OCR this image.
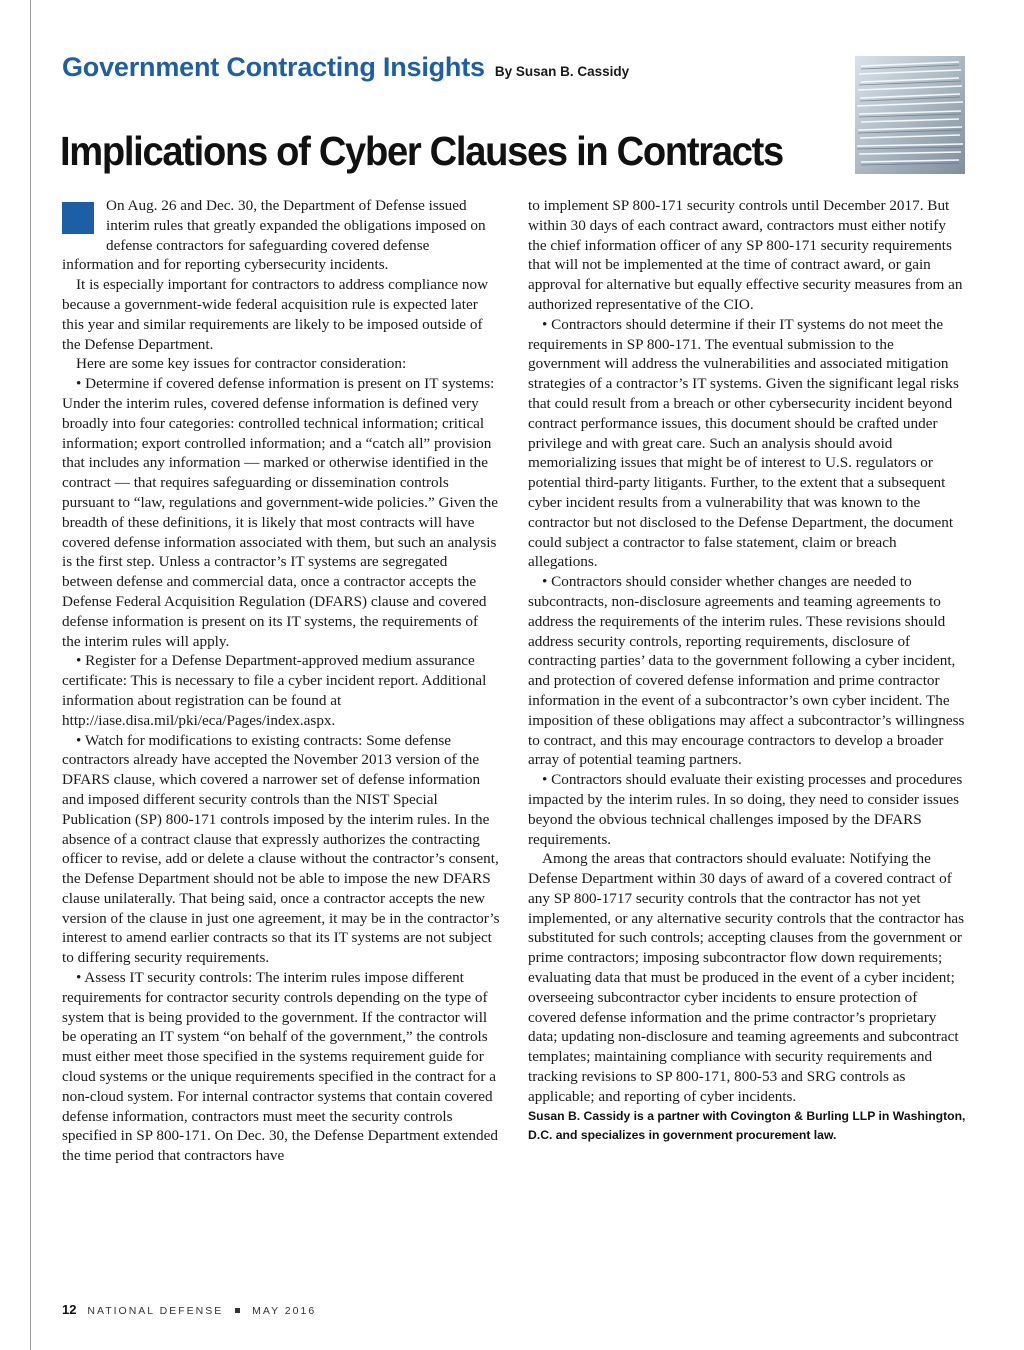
Government Contracting Insights By Susan B. Cassidy
Implications of Cyber Clauses in Contracts

On Aug. 26 and Dec. 30, the Department of Defense issued interim rules that greatly expanded the obligations imposed on defense contractors for safeguarding covered defense information and for reporting cybersecurity incidents.

It is especially important for contractors to address compliance now because a government-wide federal acquisition rule is expected later this year and similar requirements are likely to be imposed outside of the Defense Department.

Here are some key issues for contractor consideration:

• Determine if covered defense information is present on IT systems: Under the interim rules, covered defense information is defined very broadly into four categories: controlled technical information; critical information; export controlled information; and a “catch all” provision that includes any information — marked or otherwise identified in the contract — that requires safeguarding or dissemination controls pursuant to “law, regulations and government-wide policies.” Given the breadth of these definitions, it is likely that most contracts will have covered defense information associated with them, but such an analysis is the first step. Unless a contractor’s IT systems are segregated between defense and commercial data, once a contractor accepts the Defense Federal Acquisition Regulation (DFARS) clause and covered defense information is present on its IT systems, the requirements of the interim rules will apply.

• Register for a Defense Department-approved medium assurance certificate: This is necessary to file a cyber incident report. Additional information about registration can be found at http://iase.disa.mil/pki/eca/Pages/index.aspx.

• Watch for modifications to existing contracts: Some defense contractors already have accepted the November 2013 version of the DFARS clause, which covered a narrower set of defense information and imposed different security controls than the NIST Special Publication (SP) 800-171 controls imposed by the interim rules. In the absence of a contract clause that expressly authorizes the contracting officer to revise, add or delete a clause without the contractor’s consent, the Defense Department should not be able to impose the new DFARS clause unilaterally. That being said, once a contractor accepts the new version of the clause in just one agreement, it may be in the contractor’s interest to amend earlier contracts so that its IT systems are not subject to differing security requirements.

• Assess IT security controls: The interim rules impose different requirements for contractor security controls depending on the type of system that is being provided to the government. If the contractor will be operating an IT system “on behalf of the government,” the controls must either meet those specified in the systems requirement guide for cloud systems or the unique requirements specified in the contract for a non-cloud system. For internal contractor systems that contain covered defense information, contractors must meet the security controls specified in SP 800-171. On Dec. 30, the Defense Department extended the time period that contractors have

to implement SP 800-171 security controls until December 2017. But within 30 days of each contract award, contractors must either notify the chief information officer of any SP 800-171 security requirements that will not be implemented at the time of contract award, or gain approval for alternative but equally effective security measures from an authorized representative of the CIO.

• Contractors should determine if their IT systems do not meet the requirements in SP 800-171. The eventual submission to the government will address the vulnerabilities and associated mitigation strategies of a contractor’s IT systems. Given the significant legal risks that could result from a breach or other cybersecurity incident beyond contract performance issues, this document should be crafted under privilege and with great care. Such an analysis should avoid memorializing issues that might be of interest to U.S. regulators or potential third-party litigants. Further, to the extent that a subsequent cyber incident results from a vulnerability that was known to the contractor but not disclosed to the Defense Department, the document could subject a contractor to false statement, claim or breach allegations.

• Contractors should consider whether changes are needed to subcontracts, non-disclosure agreements and teaming agreements to address the requirements of the interim rules. These revisions should address security controls, reporting requirements, disclosure of contracting parties’ data to the government following a cyber incident, and protection of covered defense information and prime contractor information in the event of a subcontractor’s own cyber incident. The imposition of these obligations may affect a subcontractor’s willingness to contract, and this may encourage contractors to develop a broader array of potential teaming partners.

• Contractors should evaluate their existing processes and procedures impacted by the interim rules. In so doing, they need to consider issues beyond the obvious technical challenges imposed by the DFARS requirements.

Among the areas that contractors should evaluate: Notifying the Defense Department within 30 days of award of a covered contract of any SP 800-1717 security controls that the contractor has not yet implemented, or any alternative security controls that the contractor has substituted for such controls; accepting clauses from the government or prime contractors; imposing subcontractor flow down requirements; evaluating data that must be produced in the event of a cyber incident; overseeing subcontractor cyber incidents to ensure protection of covered defense information and the prime contractor’s proprietary data; updating non-disclosure and teaming agreements and subcontract templates; maintaining compliance with security requirements and tracking revisions to SP 800-171, 800-53 and SRG controls as applicable; and reporting of cyber incidents.

Susan B. Cassidy is a partner with Covington & Burling LLP in Washington, D.C. and specializes in government procurement law.

12 NATIONAL DEFENSE	MAY 2016
